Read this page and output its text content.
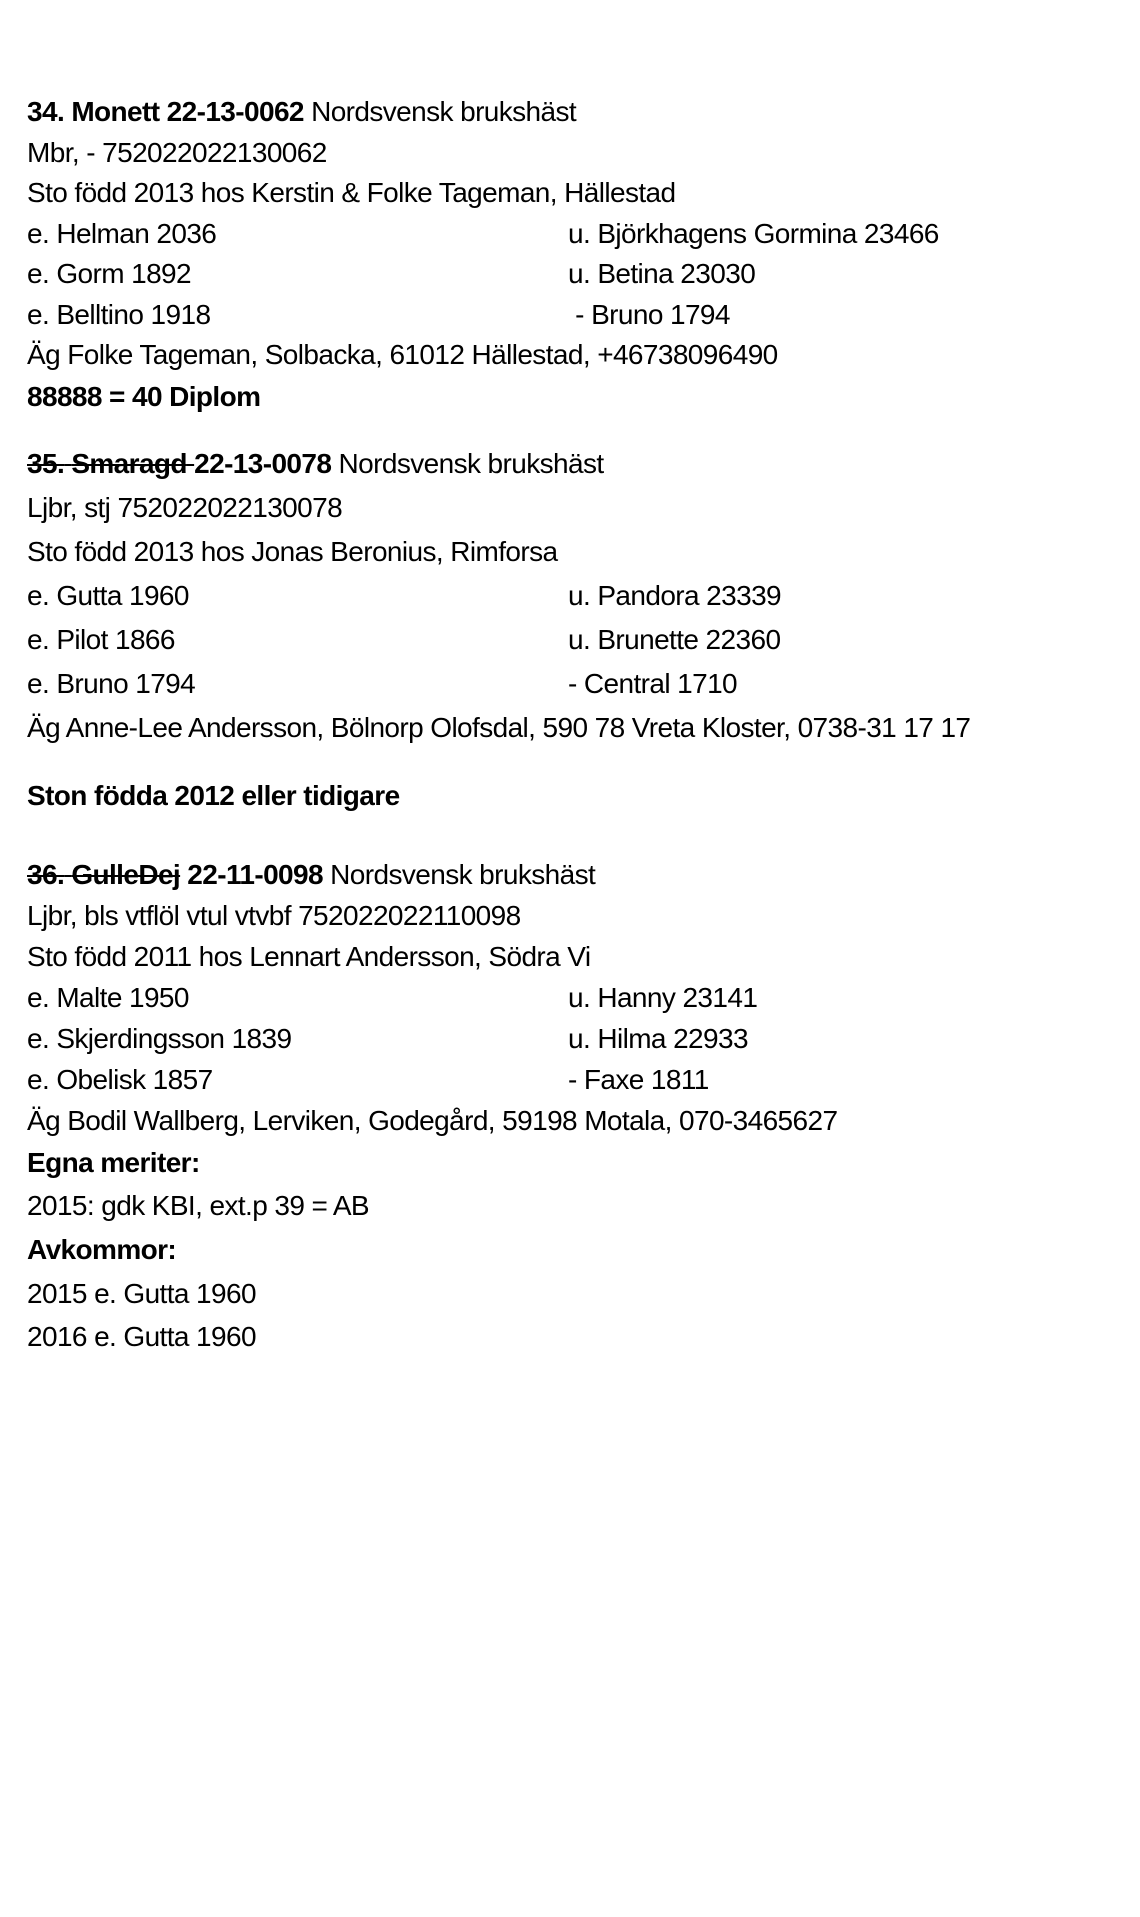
34. Monett 22-13-0062 Nordsvensk brukshäst
Mbr, - 752022022130062
Sto född 2013 hos Kerstin & Folke Tageman, Hällestad
e. Helman 2036	u. Björkhagens Gormina 23466
e. Gorm 1892	u. Betina 23030
e. Belltino 1918	- Bruno 1794
Äg Folke Tageman, Solbacka, 61012 Hällestad, +46738096490
88888 = 40 Diplom
35. Smaragd 22-13-0078 Nordsvensk brukshäst
Ljbr, stj 752022022130078
Sto född 2013 hos Jonas Beronius, Rimforsa
e. Gutta 1960	u. Pandora 23339
e. Pilot 1866	u. Brunette 22360
e. Bruno 1794	- Central 1710
Äg Anne-Lee Andersson, Bölnorp Olofsdal, 590 78 Vreta Kloster, 0738-31 17 17
Ston födda 2012 eller tidigare
36. GulleDej 22-11-0098 Nordsvensk brukshäst
Ljbr, bls vtflöl vtul vtvbf 752022022110098
Sto född 2011 hos Lennart Andersson, Södra Vi
e. Malte 1950	u. Hanny 23141
e. Skjerdingsson 1839	u. Hilma 22933
e. Obelisk 1857	- Faxe 1811
Äg Bodil Wallberg, Lerviken, Godegård, 59198 Motala, 070-3465627
Egna meriter:
2015: gdk KBI, ext.p 39 = AB
Avkommor:
2015 e. Gutta 1960
2016 e. Gutta 1960
